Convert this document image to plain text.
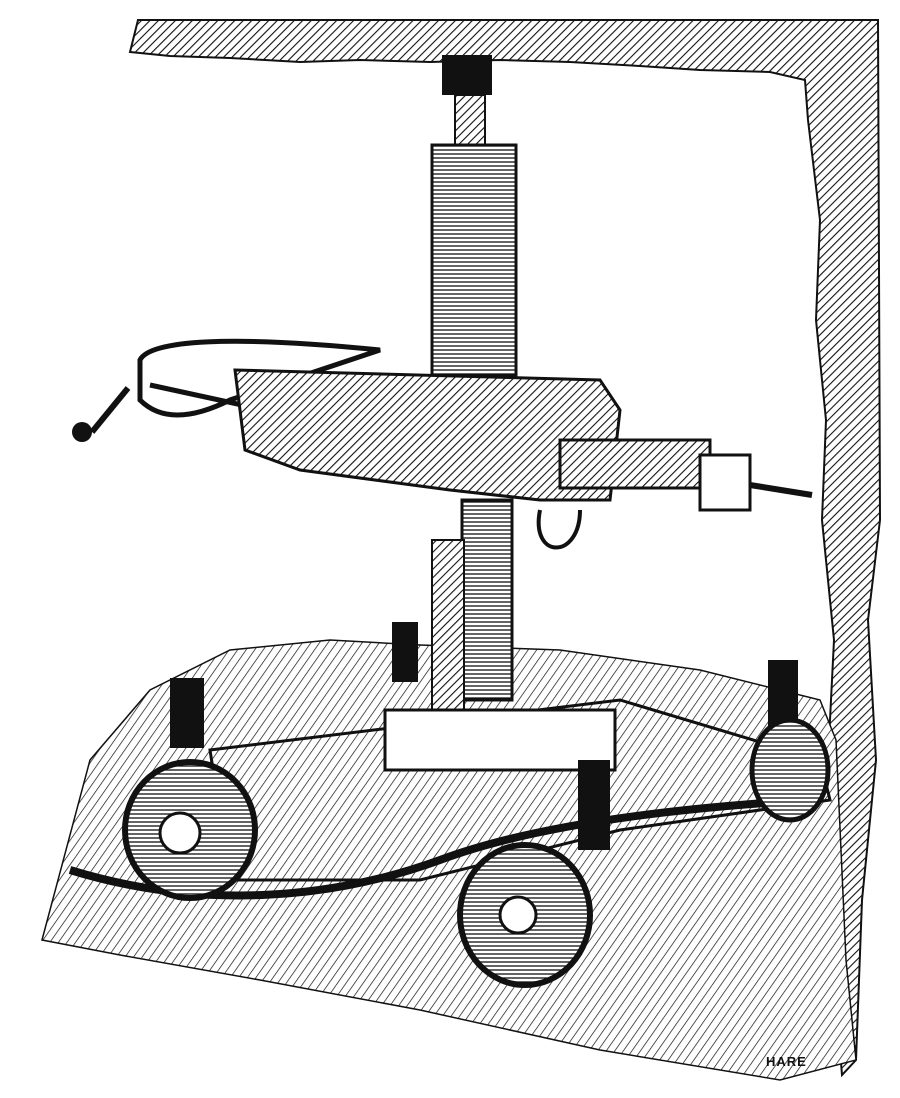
HARE
